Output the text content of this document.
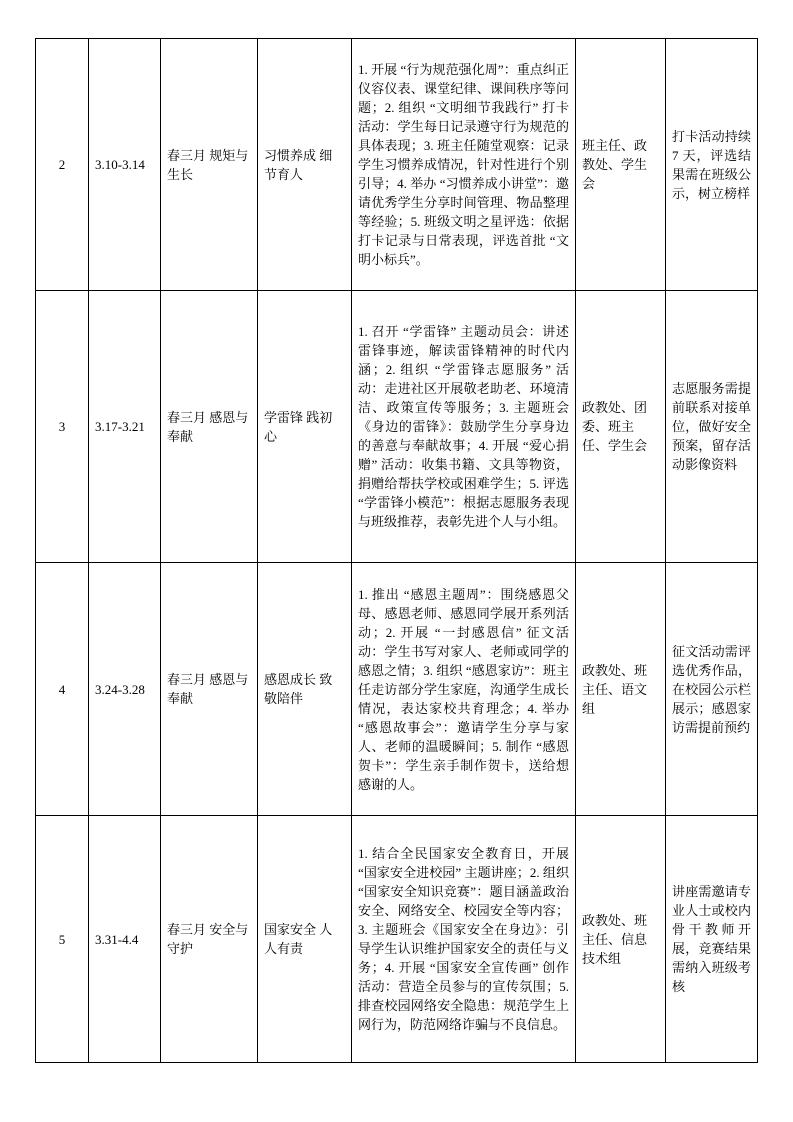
2	3.10-3.14	春三月 规矩与生长	习惯养成 细节育人	1. 开展 “行为规范强化周”：重点纠正仪容仪表、课堂纪律、课间秩序等问题；2. 组织 “文明细节我践行” 打卡活动：学生每日记录遵守行为规范的具体表现；3. 班主任随堂观察：记录学生习惯养成情况，针对性进行个别引导；4. 举办 “习惯养成小讲堂”：邀请优秀学生分享时间管理、物品整理等经验；5. 班级文明之星评选：依据打卡记录与日常表现，评选首批 “文明小标兵”。	班主任、政教处、学生会	打卡活动持续 7 天，评选结果需在班级公示，树立榜样
3	3.17-3.21	春三月 感恩与奉献	学雷锋 践初心	1. 召开 “学雷锋” 主题动员会：讲述雷锋事迹，解读雷锋精神的时代内涵；2. 组织 “学雷锋志愿服务” 活动：走进社区开展敬老助老、环境清洁、政策宣传等服务；3. 主题班会《身边的雷锋》：鼓励学生分享身边的善意与奉献故事；4. 开展 “爱心捐赠” 活动：收集书籍、文具等物资，捐赠给帮扶学校或困难学生；5. 评选 “学雷锋小模范”：根据志愿服务表现与班级推荐，表彰先进个人与小组。	政教处、团委、班主任、学生会	志愿服务需提前联系对接单位，做好安全预案，留存活动影像资料
4	3.24-3.28	春三月 感恩与奉献	感恩成长 致敬陪伴	1. 推出 “感恩主题周”：围绕感恩父母、感恩老师、感恩同学展开系列活动；2. 开展 “一封感恩信” 征文活动：学生书写对家人、老师或同学的感恩之情；3. 组织 “感恩家访”：班主任走访部分学生家庭，沟通学生成长情况，表达家校共育理念；4. 举办 “感恩故事会”：邀请学生分享与家人、老师的温暖瞬间；5. 制作 “感恩贺卡”：学生亲手制作贺卡，送给想感谢的人。	政教处、班主任、语文组	征文活动需评选优秀作品，在校园公示栏展示；感恩家访需提前预约
5	3.31-4.4	春三月 安全与守护	国家安全 人人有责	1. 结合全民国家安全教育日，开展 “国家安全进校园” 主题讲座；2. 组织 “国家安全知识竞赛”：题目涵盖政治安全、网络安全、校园安全等内容；3. 主题班会《国家安全在身边》：引导学生认识维护国家安全的责任与义务；4. 开展 “国家安全宣传画” 创作活动：营造全员参与的宣传氛围；5. 排查校园网络安全隐患：规范学生上网行为，防范网络诈骗与不良信息。	政教处、班主任、信息技术组	讲座需邀请专业人士或校内骨干教师开展，竞赛结果需纳入班级考核
